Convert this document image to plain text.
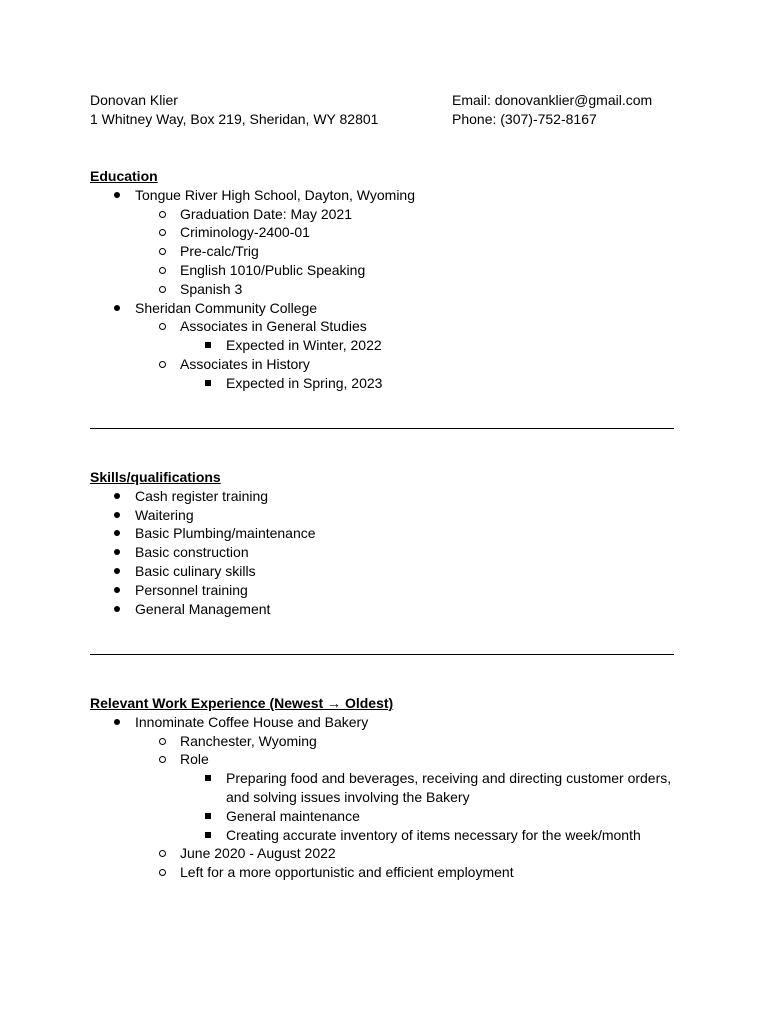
Donovan Klier
1 Whitney Way, Box 219, Sheridan, WY 82801
Email: donovanklier@gmail.com
Phone: (307)-752-8167
Education
Tongue River High School, Dayton, Wyoming
Graduation Date: May 2021
Criminology-2400-01
Pre-calc/Trig
English 1010/Public Speaking
Spanish 3
Sheridan Community College
Associates in General Studies
Expected in Winter, 2022
Associates in History
Expected in Spring, 2023
Skills/qualifications
Cash register training
Waitering
Basic Plumbing/maintenance
Basic construction
Basic culinary skills
Personnel training
General Management
Relevant Work Experience (Newest → Oldest)
Innominate Coffee House and Bakery
Ranchester, Wyoming
Role
Preparing food and beverages, receiving and directing customer orders, and solving issues involving the Bakery
General maintenance
Creating accurate inventory of items necessary for the week/month
June 2020 - August 2022
Left for a more opportunistic and efficient employment
